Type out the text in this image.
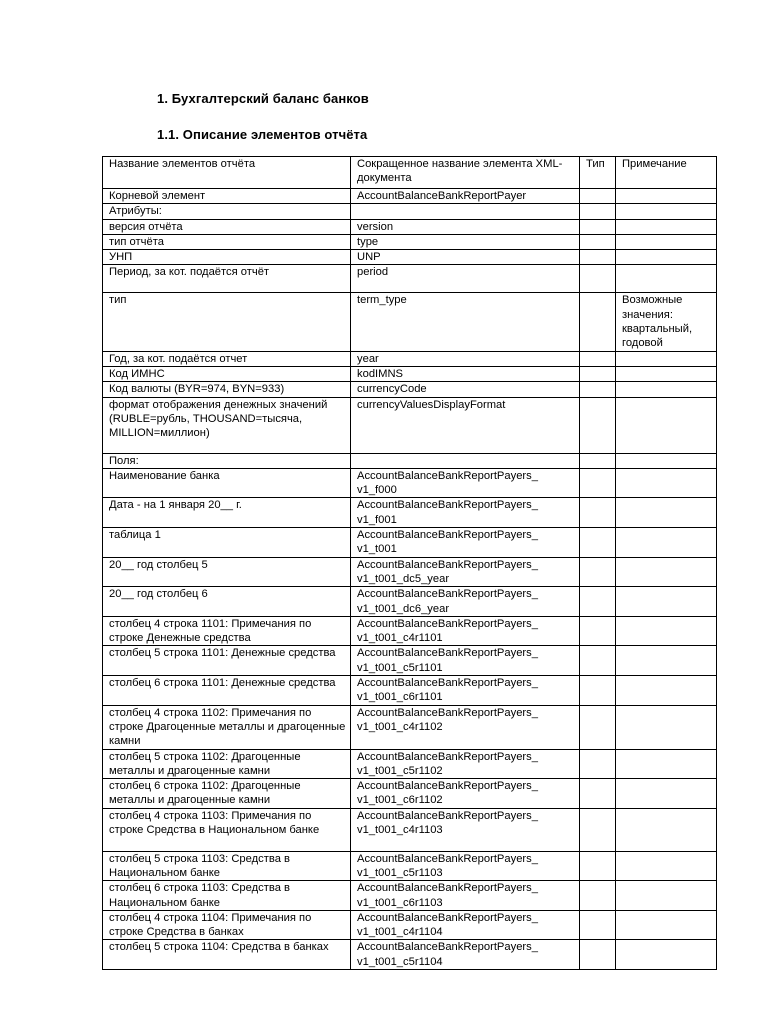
1. Бухгалтерский баланс банков
1.1. Описание элементов отчёта
Название элементов отчёта	Сокращенное название элемента XML-документа	Тип	Примечание
Корневой элемент	AccountBalanceBankReportPayer		
Атрибуты:			
версия отчёта	version		
тип отчёта	type		
УНП	UNP		
Период, за кот. подаётся отчёт	period		
тип	term_type		Возможные значения: квартальный, годовой
Год, за кот. подаётся отчет	year		
Код ИМНС	kodIMNS		
Код валюты (BYR=974, BYN=933)	currencyCode		
формат отображения денежных значений (RUBLE=рубль, THOUSAND=тысяча, MILLION=миллион)	currencyValuesDisplayFormat		
Поля:			
Наименование банка	AccountBalanceBankReportPayers_ v1_f000		
Дата - на 1 января 20__ г.	AccountBalanceBankReportPayers_ v1_f001		
таблица 1	AccountBalanceBankReportPayers_ v1_t001		
20__ год столбец 5	AccountBalanceBankReportPayers_ v1_t001_dc5_year		
20__ год столбец 6	AccountBalanceBankReportPayers_ v1_t001_dc6_year		
столбец 4 строка 1101: Примечания по строке Денежные средства	AccountBalanceBankReportPayers_ v1_t001_c4r1101		
столбец 5 строка 1101: Денежные средства	AccountBalanceBankReportPayers_ v1_t001_c5r1101		
столбец 6 строка 1101: Денежные средства	AccountBalanceBankReportPayers_ v1_t001_c6r1101		
столбец 4 строка 1102: Примечания по строке Драгоценные металлы и драгоценные камни	AccountBalanceBankReportPayers_ v1_t001_c4r1102		
столбец 5 строка 1102: Драгоценные металлы и драгоценные камни	AccountBalanceBankReportPayers_ v1_t001_c5r1102		
столбец 6 строка 1102: Драгоценные металлы и драгоценные камни	AccountBalanceBankReportPayers_ v1_t001_c6r1102		
столбец 4 строка 1103: Примечания по строке Средства в Национальном банке	AccountBalanceBankReportPayers_ v1_t001_c4r1103		
столбец 5 строка 1103: Средства в Национальном банке	AccountBalanceBankReportPayers_ v1_t001_c5r1103		
столбец 6 строка 1103: Средства в Национальном банке	AccountBalanceBankReportPayers_ v1_t001_c6r1103		
столбец 4 строка 1104: Примечания по строке Средства в банках	AccountBalanceBankReportPayers_ v1_t001_c4r1104		
столбец 5 строка 1104: Средства в банках	AccountBalanceBankReportPayers_ v1_t001_c5r1104		
